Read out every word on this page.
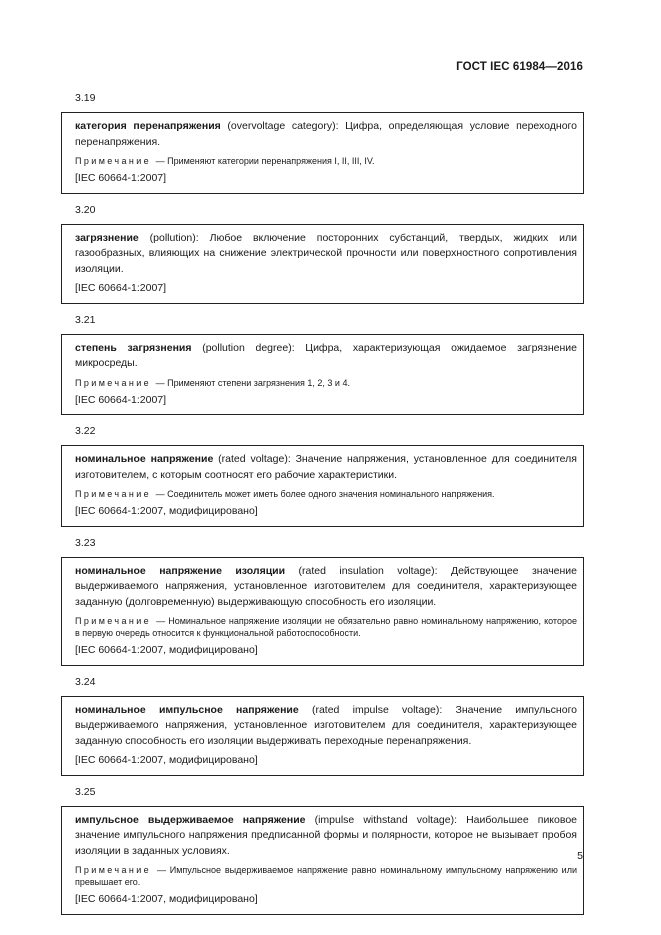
ГОСТ IEC 61984—2016
3.19
категория перенапряжения (overvoltage category): Цифра, определяющая условие переходного перенапряжения.
Примечание — Применяют категории перенапряжения I, II, III, IV.
[IEC 60664-1:2007]
3.20
загрязнение (pollution): Любое включение посторонних субстанций, твердых, жидких или газообразных, влияющих на снижение электрической прочности или поверхностного сопротивления изоляции.
[IEC 60664-1:2007]
3.21
степень загрязнения (pollution degree): Цифра, характеризующая ожидаемое загрязнение микросреды.
Примечание — Применяют степени загрязнения 1, 2, 3 и 4.
[IEC 60664-1:2007]
3.22
номинальное напряжение (rated voltage): Значение напряжения, установленное для соединителя изготовителем, с которым соотносят его рабочие характеристики.
Примечание — Соединитель может иметь более одного значения номинального напряжения.
[IEC 60664-1:2007, модифицировано]
3.23
номинальное напряжение изоляции (rated insulation voltage): Действующее значение выдерживаемого напряжения, установленное изготовителем для соединителя, характеризующее заданную (долговременную) выдерживающую способность его изоляции.
Примечание — Номинальное напряжение изоляции не обязательно равно номинальному напряжению, которое в первую очередь относится к функциональной работоспособности.
[IEC 60664-1:2007, модифицировано]
3.24
номинальное импульсное напряжение (rated impulse voltage): Значение импульсного выдерживаемого напряжения, установленное изготовителем для соединителя, характеризующее заданную способность его изоляции выдерживать переходные перенапряжения.
[IEC 60664-1:2007, модифицировано]
3.25
импульсное выдерживаемое напряжение (impulse withstand voltage): Наибольшее пиковое значение импульсного напряжения предписанной формы и полярности, которое не вызывает пробоя изоляции в заданных условиях.
Примечание — Импульсное выдерживаемое напряжение равно номинальному импульсному напряжению или превышает его.
[IEC 60664-1:2007, модифицировано]
5
